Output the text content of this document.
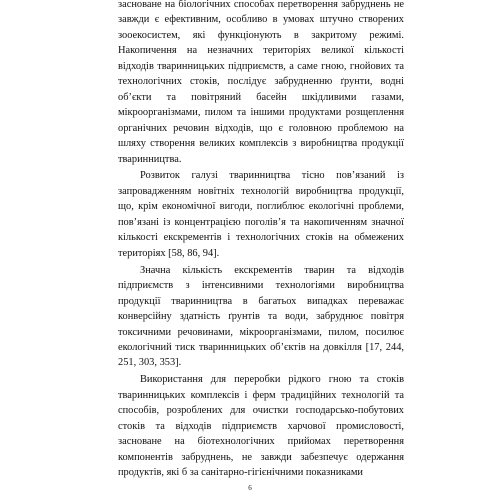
засноване на біологічних способах перетворення забруднень не завжди є ефективним, особливо в умовах штучно створених зооекосистем, які функціонують в закритому режимі. Накопичення на незначних територіях великої кількості відходів тваринницьких підприємств, а саме гною, гнойових та технологічних стоків, послідує забрудненню ґрунти, водні об’єкти та повітряний басейн шкідливими газами, мікроорганізмами, пилом та іншими продуктами розщеплення органічних речовин відходів, що є головною проблемою на шляху створення великих комплексів з виробництва продукції тваринництва.

Розвиток галузі тваринництва тісно пов’язаний із запровадженням новітніх технологій виробництва продукції, що, крім економічної вигоди, поглиблює екологічні проблеми, пов’язані із концентрацією поголів’я та накопиченням значної кількості екскрементів і технологічних стоків на обмежених територіях [58, 86, 94].

Значна кількість екскрементів тварин та відходів підприємств з інтенсивними технологіями виробництва продукції тваринництва в багатьох випадках переважає конверсійну здатність ґрунтів та води, забруднює повітря токсичними речовинами, мікроорганізмами, пилом, посилює екологічний тиск тваринницьких об’єктів на довкілля [17, 244, 251, 303, 353].

Використання для переробки рідкого гною та стоків тваринницьких комплексів і ферм традиційних технологій та способів, розроблених для очистки господарсько-побутових стоків та відходів підприємств харчової промисловості, засноване на біотехнологічних прийомах перетворення компонентів забруднень, не завжди забезпечує одержання продуктів, які б за санітарно-гігієнічними показниками

6
